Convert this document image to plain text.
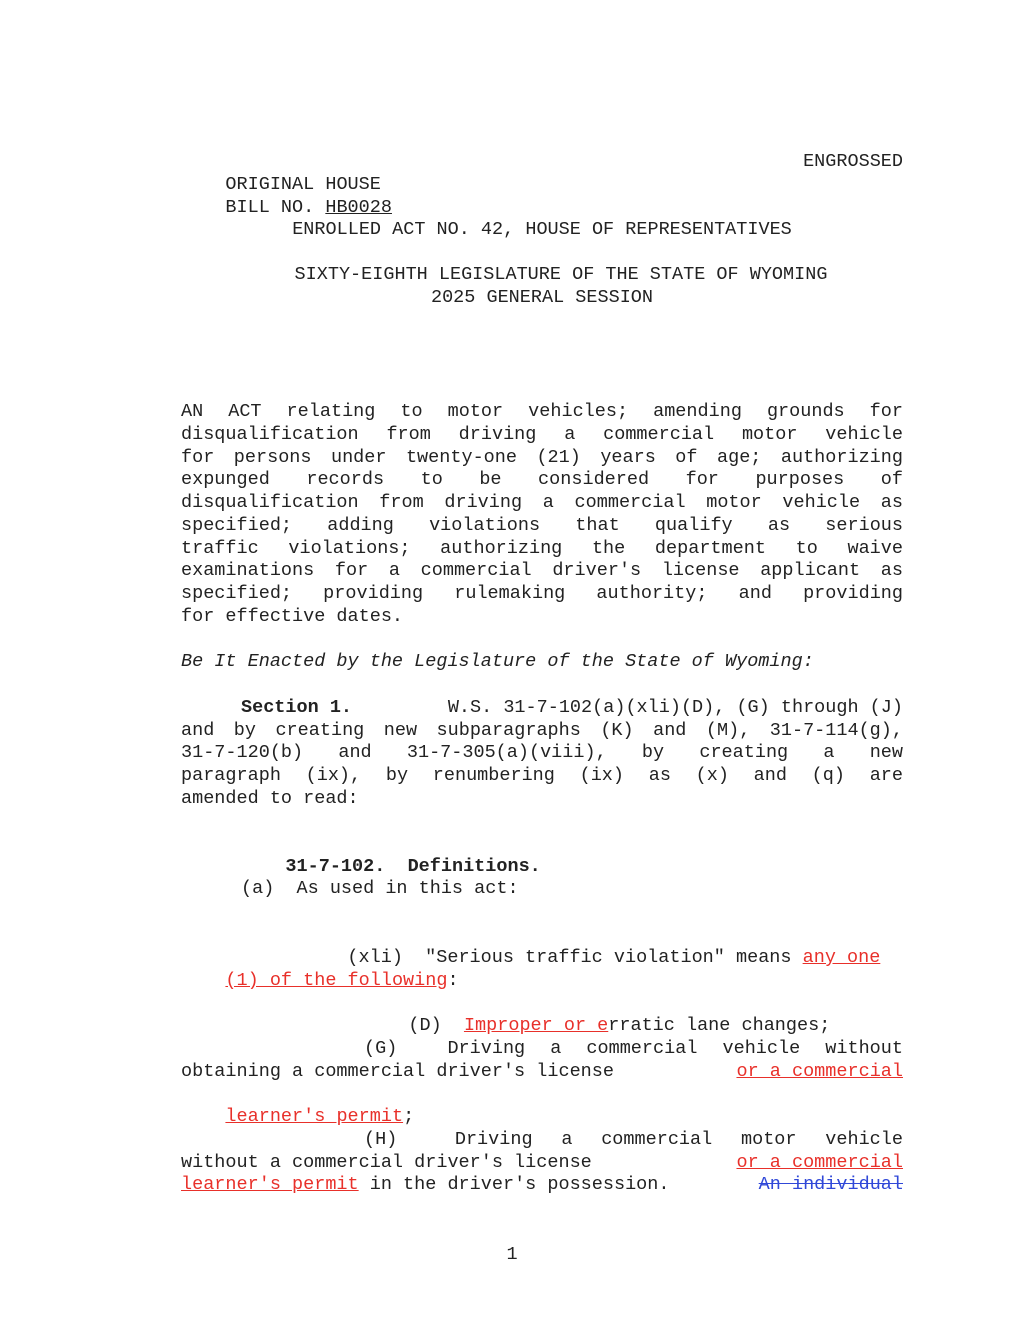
ORIGINAL HOUSE

ENGROSSED

BILL NO. HB0028

ENROLLED ACT NO. 42, HOUSE OF REPRESENTATIVES
SIXTY-EIGHTH LEGISLATURE OF THE STATE OF WYOMING
2025 GENERAL SESSION
AN ACT relating to motor vehicles; amending grounds for
disqualification from driving a commercial motor vehicle
for persons under twenty-one (21) years of age; authorizing
expunged records to be considered for purposes of
disqualification from driving a commercial motor vehicle as
specified; adding violations that qualify as serious
traffic violations; authorizing the department to waive
examinations for a commercial driver's license applicant as
specified; providing rulemaking authority; and providing
for effective dates.
Be It Enacted by the Legislature of the State of Wyoming:
Section 1.	W.S. 31-7-102(a)(xli)(D), (G) through (J)
and by creating new subparagraphs (K) and (M), 31-7-114(g),
31-7-120(b) and 31-7-305(a)(viii), by creating a new
paragraph (ix), by renumbering (ix) as (x) and (q) are
amended to read:

31-7-102. Definitions.

(a)  As used in this act:

(xli)  "Serious traffic violation" means any one

(1) of the following:

(D)  Improper or erratic lane changes;

(G)  Driving a commercial vehicle without
obtaining a commercial driver's license	or a commercial

learner's permit;

(H)  Driving a commercial motor vehicle
without a commercial driver's license	or a commercial
learner's permit in the driver's possession.	An individual
1
